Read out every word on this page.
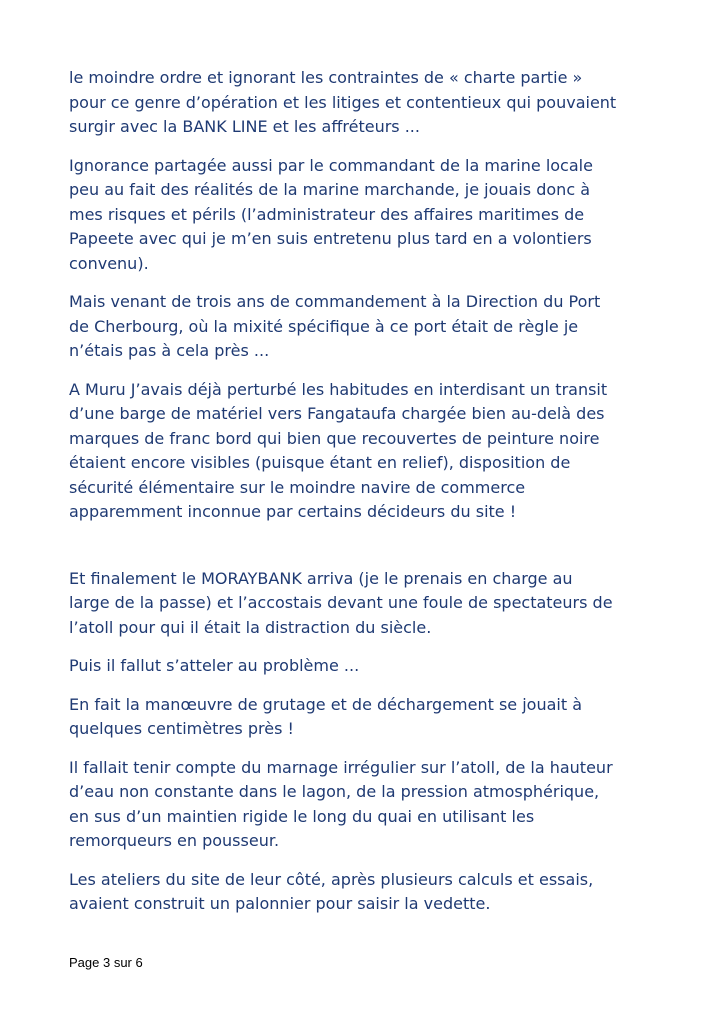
le moindre ordre et ignorant les contraintes de « charte partie »
pour ce genre d’opération et les litiges et contentieux qui pouvaient
surgir avec la BANK LINE et les affréteurs ...

Ignorance partagée aussi par le commandant de la marine locale
peu au fait des réalités de la marine marchande, je jouais donc à
mes risques et périls (l’administrateur des affaires maritimes de
Papeete avec qui je m’en suis entretenu plus tard en a volontiers
convenu).

Mais venant de trois ans de commandement à la Direction du Port
de Cherbourg, où la mixité spécifique à ce port était de règle je
n’étais pas à cela près ...

A Muru J’avais déjà perturbé les habitudes en interdisant un transit
d’une barge de matériel vers Fangataufa chargée bien au-delà des
marques de franc bord qui bien que recouvertes de peinture noire
étaient encore visibles (puisque étant en relief), disposition de
sécurité élémentaire sur le moindre navire de commerce
apparemment inconnue par certains décideurs du site !

Et finalement le MORAYBANK arriva (je le prenais en charge au
large de la passe) et l’accostais devant une foule de spectateurs de
l’atoll pour qui il était la distraction du siècle.

Puis il fallut s’atteler au problème ...

En fait la manœuvre de grutage et de déchargement se jouait à
quelques centimètres près !

Il fallait tenir compte du marnage irrégulier sur l’atoll, de la hauteur
d’eau non constante dans le lagon, de la pression atmosphérique,
en sus d’un maintien rigide le long du quai en utilisant les
remorqueurs en pousseur.

Les ateliers du site de leur côté, après plusieurs calculs et essais,
avaient construit un palonnier pour saisir la vedette.

Page 3 sur 6
